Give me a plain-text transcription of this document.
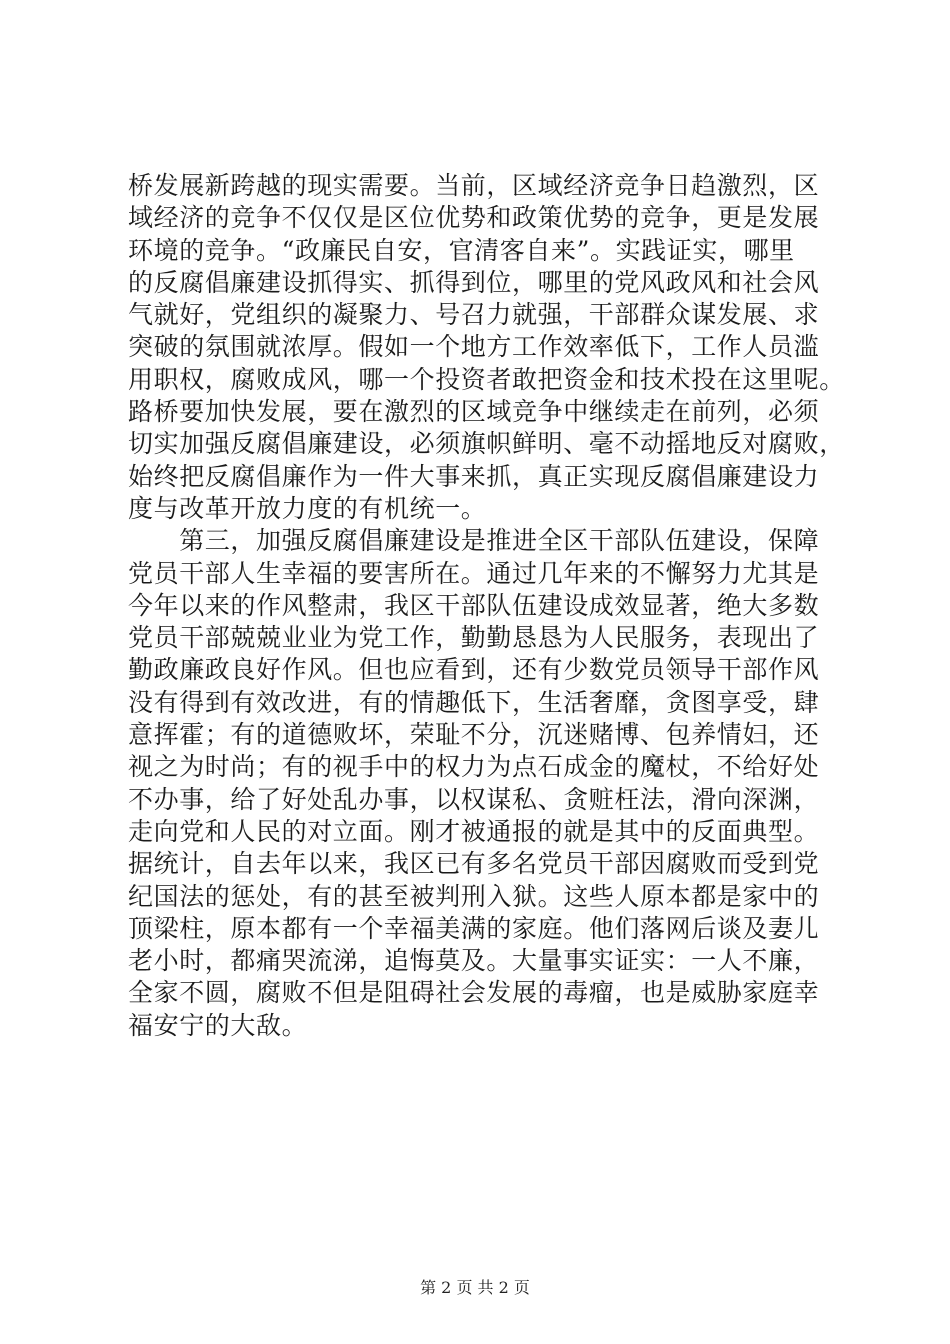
桥发展新跨越的现实需要。当前，区域经济竞争日趋激烈，区
域经济的竞争不仅仅是区位优势和政策优势的竞争，更是发展
环境的竞争。“政廉民自安，官清客自来”。实践证实，哪里
的反腐倡廉建设抓得实、抓得到位，哪里的党风政风和社会风
气就好，党组织的凝聚力、号召力就强，干部群众谋发展、求
突破的氛围就浓厚。假如一个地方工作效率低下，工作人员滥
用职权，腐败成风，哪一个投资者敢把资金和技术投在这里呢。
路桥要加快发展，要在激烈的区域竞争中继续走在前列，必须
切实加强反腐倡廉建设，必须旗帜鲜明、毫不动摇地反对腐败，
始终把反腐倡廉作为一件大事来抓，真正实现反腐倡廉建设力
度与改革开放力度的有机统一。
　　第三，加强反腐倡廉建设是推进全区干部队伍建设，保障
党员干部人生幸福的要害所在。通过几年来的不懈努力尤其是
今年以来的作风整肃，我区干部队伍建设成效显著，绝大多数
党员干部兢兢业业为党工作，勤勤恳恳为人民服务，表现出了
勤政廉政良好作风。但也应看到，还有少数党员领导干部作风
没有得到有效改进，有的情趣低下，生活奢靡，贪图享受，肆
意挥霍；有的道德败坏，荣耻不分，沉迷赌博、包养情妇，还
视之为时尚；有的视手中的权力为点石成金的魔杖，不给好处
不办事，给了好处乱办事，以权谋私、贪赃枉法，滑向深渊，
走向党和人民的对立面。刚才被通报的就是其中的反面典型。
据统计，自去年以来，我区已有多名党员干部因腐败而受到党
纪国法的惩处，有的甚至被判刑入狱。这些人原本都是家中的
顶梁柱，原本都有一个幸福美满的家庭。他们落网后谈及妻儿
老小时，都痛哭流涕，追悔莫及。大量事实证实：一人不廉，
全家不圆，腐败不但是阻碍社会发展的毒瘤，也是威胁家庭幸
福安宁的大敌。
第 2 页 共 2 页
